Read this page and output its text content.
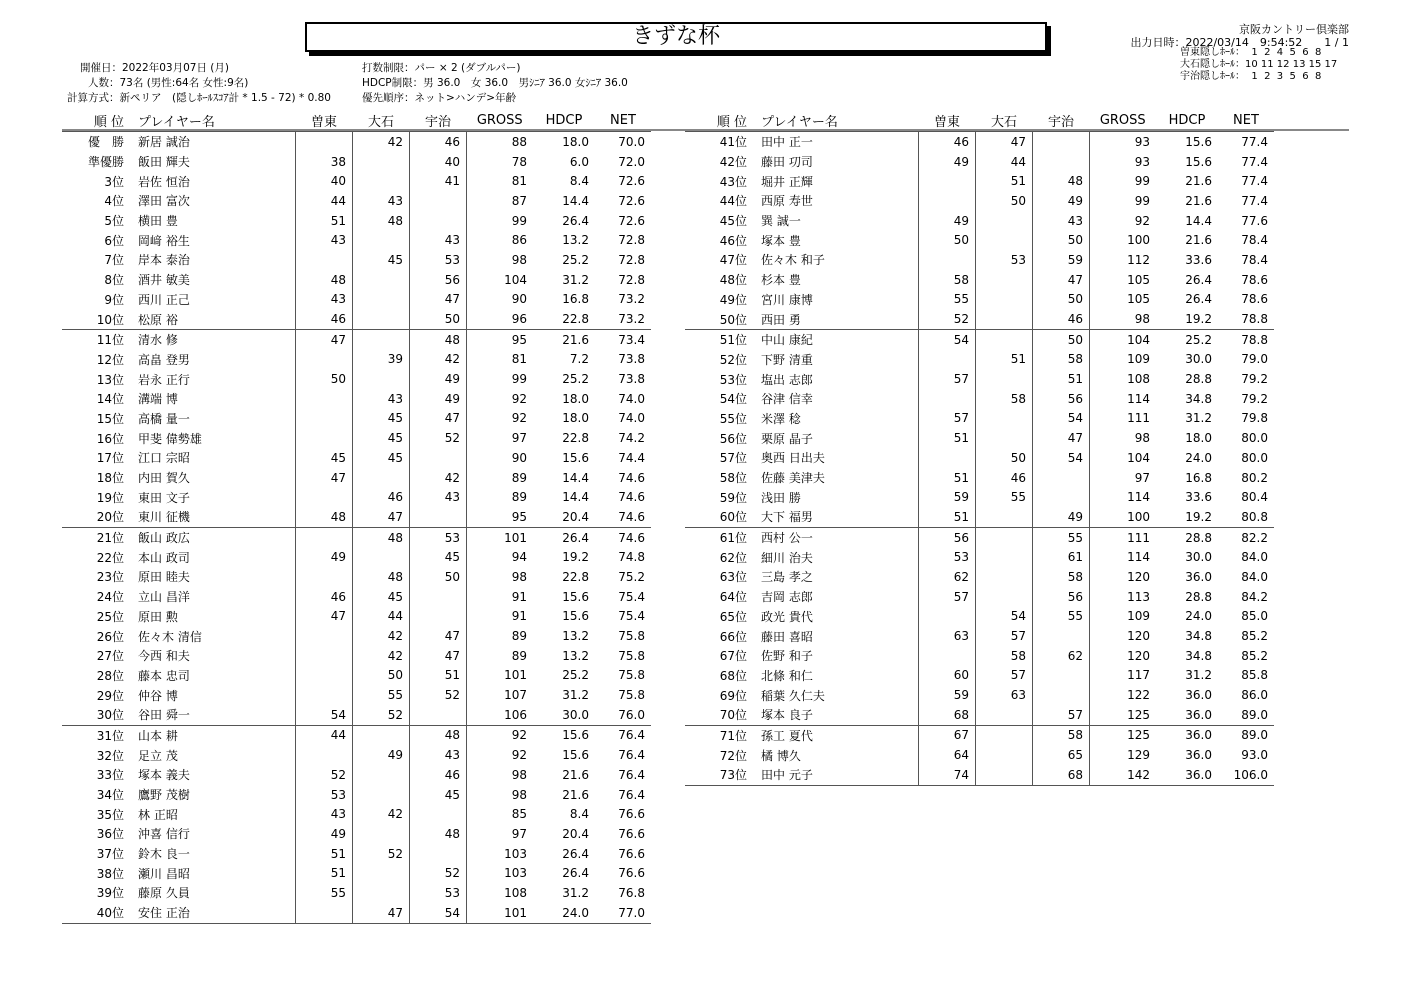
きずな杯	京阪カントリー倶楽部
出力日時：2022/03/14　9:54:52　　1 / 1
曽東隠しﾎｰﾙ：  1  2  4  5  6  8
大石隠しﾎｰﾙ：10 11 12 13 15 17
宇治隠しﾎｰﾙ：  1  2  3  5  6  8
開催日：2022年03月07日 (月)
人数：73名 (男性:64名 女性:9名)
計算方式：新ペリア　(隠しﾎｰﾙｽｺｱ計 * 1.5 - 72) * 0.80
打数制限：パー × 2 (ダブルパー)
HDCP制限：男 36.0　女 36.0　男ｼﾆｱ 36.0 女ｼﾆｱ 36.0
優先順序：ネット>ハンデ>年齢
順 位	プレイヤー名	曽東	大石	宇治	GROSS	HDCP	NET
優　勝	新居 誠治		42	46	88	18.0	70.0
準優勝	飯田 輝夫	38		40	78	6.0	72.0
3位	岩佐 恒治	40		41	81	8.4	72.6
4位	澤田 富次	44	43		87	14.4	72.6
5位	横田 豊	51	48		99	26.4	72.6
6位	岡﨑 裕生	43		43	86	13.2	72.8
7位	岸本 泰治		45	53	98	25.2	72.8
8位	酒井 敏美	48		56	104	31.2	72.8
9位	西川 正己	43		47	90	16.8	73.2
10位	松原 裕	46		50	96	22.8	73.2
11位	清水 修	47		48	95	21.6	73.4
12位	高畠 登男		39	42	81	7.2	73.8
13位	岩永 正行	50		49	99	25.2	73.8
14位	溝端 博		43	49	92	18.0	74.0
15位	高橋 量一		45	47	92	18.0	74.0
16位	甲斐 偉勢雄		45	52	97	22.8	74.2
17位	江口 宗昭	45	45		90	15.6	74.4
18位	内田 賀久	47		42	89	14.4	74.6
19位	東田 文子		46	43	89	14.4	74.6
20位	東川 征機	48	47		95	20.4	74.6
21位	飯山 政広		48	53	101	26.4	74.6
22位	本山 政司	49		45	94	19.2	74.8
23位	原田 睦夫		48	50	98	22.8	75.2
24位	立山 昌洋	46	45		91	15.6	75.4
25位	原田 勲	47	44		91	15.6	75.4
26位	佐々木 清信		42	47	89	13.2	75.8
27位	今西 和夫		42	47	89	13.2	75.8
28位	藤本 忠司		50	51	101	25.2	75.8
29位	仲谷 博		55	52	107	31.2	75.8
30位	谷田 舜一	54	52		106	30.0	76.0
31位	山本 耕	44		48	92	15.6	76.4
32位	足立 茂		49	43	92	15.6	76.4
33位	塚本 義夫	52		46	98	21.6	76.4
34位	鷹野 茂樹	53		45	98	21.6	76.4
35位	林 正昭	43	42		85	8.4	76.6
36位	沖喜 信行	49		48	97	20.4	76.6
37位	鈴木 良一	51	52		103	26.4	76.6
38位	瀬川 昌昭	51		52	103	26.4	76.6
39位	藤原 久員	55		53	108	31.2	76.8
40位	安住 正治		47	54	101	24.0	77.0
順 位	プレイヤー名	曽東	大石	宇治	GROSS	HDCP	NET
41位	田中 正一	46	47		93	15.6	77.4
42位	藤田 㓛司	49	44		93	15.6	77.4
43位	堀井 正輝		51	48	99	21.6	77.4
44位	西原 寿世		50	49	99	21.6	77.4
45位	巽 誠一	49		43	92	14.4	77.6
46位	塚本 豊	50		50	100	21.6	78.4
47位	佐々木 和子		53	59	112	33.6	78.4
48位	杉本 豊	58		47	105	26.4	78.6
49位	宮川 康博	55		50	105	26.4	78.6
50位	西田 勇	52		46	98	19.2	78.8
51位	中山 康紀	54		50	104	25.2	78.8
52位	下野 清重		51	58	109	30.0	79.0
53位	塩出 志郎	57		51	108	28.8	79.2
54位	谷津 信幸		58	56	114	34.8	79.2
55位	米澤 稔	57		54	111	31.2	79.8
56位	栗原 晶子	51		47	98	18.0	80.0
57位	奥西 日出夫		50	54	104	24.0	80.0
58位	佐藤 美津夫	51	46		97	16.8	80.2
59位	浅田 勝	59	55		114	33.6	80.4
60位	大下 福男	51		49	100	19.2	80.8
61位	西村 公一	56		55	111	28.8	82.2
62位	細川 治夫	53		61	114	30.0	84.0
63位	三島 孝之	62		58	120	36.0	84.0
64位	吉岡 志郎	57		56	113	28.8	84.2
65位	政光 貴代		54	55	109	24.0	85.0
66位	藤田 喜昭	63	57		120	34.8	85.2
67位	佐野 和子		58	62	120	34.8	85.2
68位	北條 和仁	60	57		117	31.2	85.8
69位	稲葉 久仁夫	59	63		122	36.0	86.0
70位	塚本 良子	68		57	125	36.0	89.0
71位	孫工 夏代	67		58	125	36.0	89.0
72位	橘 博久	64		65	129	36.0	93.0
73位	田中 元子	74		68	142	36.0	106.0
